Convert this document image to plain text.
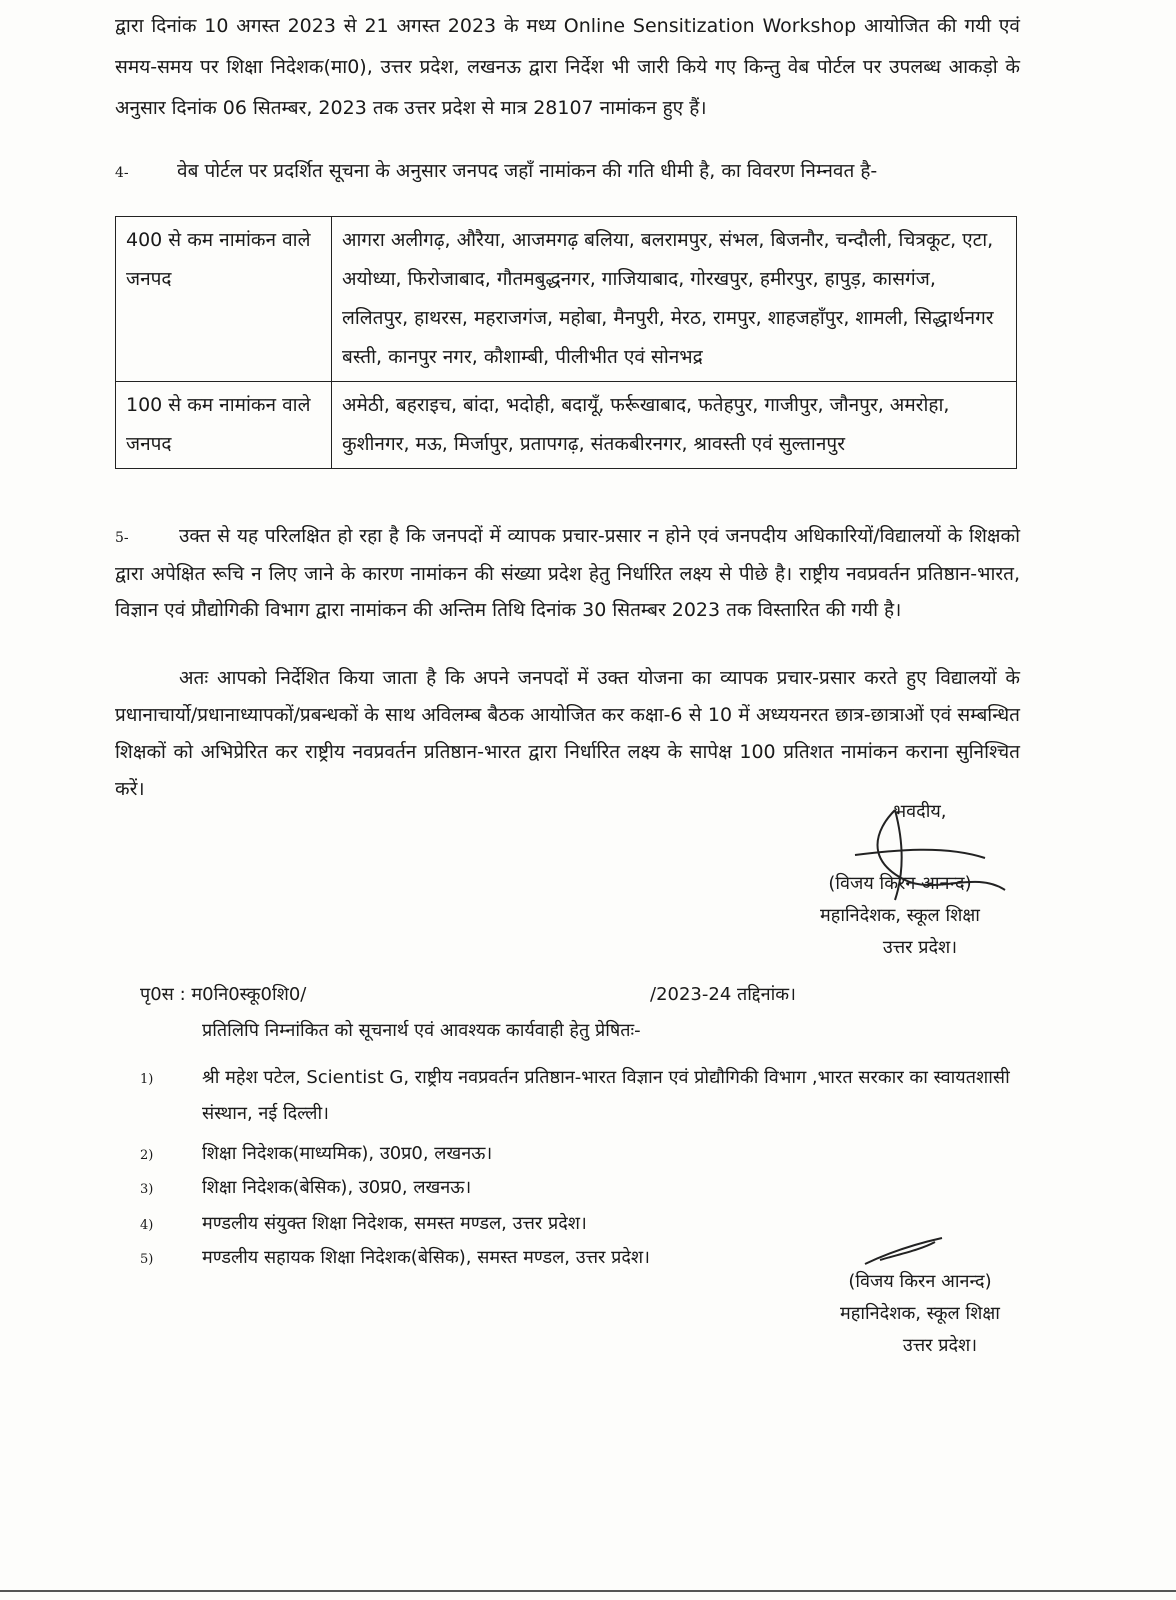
द्वारा दिनांक 10 अगस्त 2023 से 21 अगस्त 2023 के मध्य Online Sensitization Workshop आयोजित की गयी एवं समय-समय पर शिक्षा निदेशक(मा0), उत्तर प्रदेश, लखनऊ द्वारा निर्देश भी जारी किये गए किन्तु वेब पोर्टल पर उपलब्ध आकड़ो के अनुसार दिनांक 06 सितम्बर, 2023 तक उत्तर प्रदेश से मात्र 28107 नामांकन हुए हैं।

4-	वेब पोर्टल पर प्रदर्शित सूचना के अनुसार जनपद जहाँ नामांकन की गति धीमी है, का विवरण निम्नवत है-

400 से कम नामांकन वाले जनपद	आगरा अलीगढ़, औरैया, आजमगढ़ बलिया, बलरामपुर, संभल, बिजनौर, चन्दौली, चित्रकूट, एटा, अयोध्या, फिरोजाबाद, गौतमबुद्धनगर, गाजियाबाद, गोरखपुर, हमीरपुर, हापुड़, कासगंज, ललितपुर, हाथरस, महराजगंज, महोबा, मैनपुरी, मेरठ, रामपुर, शाहजहाँपुर, शामली, सिद्धार्थनगर बस्ती, कानपुर नगर, कौशाम्बी, पीलीभीत एवं सोनभद्र
100 से कम नामांकन वाले जनपद	अमेठी, बहराइच, बांदा, भदोही, बदायूँ, फर्रूखाबाद, फतेहपुर, गाजीपुर, जौनपुर, अमरोहा, कुशीनगर, मऊ, मिर्जापुर, प्रतापगढ़, संतकबीरनगर, श्रावस्ती एवं सुल्तानपुर

5-	उक्त से यह परिलक्षित हो रहा है कि जनपदों में व्यापक प्रचार-प्रसार न होने एवं जनपदीय अधिकारियों/विद्यालयों के शिक्षको द्वारा अपेक्षित रूचि न लिए जाने के कारण नामांकन की संख्या प्रदेश हेतु निर्धारित लक्ष्य से पीछे है। राष्ट्रीय नवप्रवर्तन प्रतिष्ठान-भारत, विज्ञान एवं प्रौद्योगिकी विभाग द्वारा नामांकन की अन्तिम तिथि दिनांक 30 सितम्बर 2023 तक विस्तारित की गयी है।

अतः आपको निर्देशित किया जाता है कि अपने जनपदों में उक्त योजना का व्यापक प्रचार-प्रसार करते हुए विद्यालयों के प्रधानाचार्यो/प्रधानाध्यापकों/प्रबन्धकों के साथ अविलम्ब बैठक आयोजित कर कक्षा-6 से 10 में अध्ययनरत छात्र-छात्राओं एवं सम्बन्धित शिक्षकों को अभिप्रेरित कर राष्ट्रीय नवप्रवर्तन प्रतिष्ठान-भारत द्वारा निर्धारित लक्ष्य के सापेक्ष 100 प्रतिशत नामांकन कराना सुनिश्चित करें।

भवदीय,
(विजय किरन आनन्द)
महानिदेशक, स्कूल शिक्षा
उत्तर प्रदेश।
पृ0स : म0नि0स्कू0शि0/	/2023-24 तद्दिनांक।
प्रतिलिपि निम्नांकित को सूचनार्थ एवं आवश्यक कार्यवाही हेतु प्रेषितः-
1)	श्री महेश पटेल, Scientist G, राष्ट्रीय नवप्रवर्तन प्रतिष्ठान-भारत विज्ञान एवं प्रोद्यौगिकी विभाग ,भारत सरकार का स्वायतशासी संस्थान, नई दिल्ली।
2)	शिक्षा निदेशक(माध्यमिक), उ0प्र0, लखनऊ।
3)	शिक्षा निदेशक(बेसिक), उ0प्र0, लखनऊ।
4)	मण्डलीय संयुक्त शिक्षा निदेशक, समस्त मण्डल, उत्तर प्रदेश।
5)	मण्डलीय सहायक शिक्षा निदेशक(बेसिक), समस्त मण्डल, उत्तर प्रदेश।
(विजय किरन आनन्द)
महानिदेशक, स्कूल शिक्षा
उत्तर प्रदेश।
